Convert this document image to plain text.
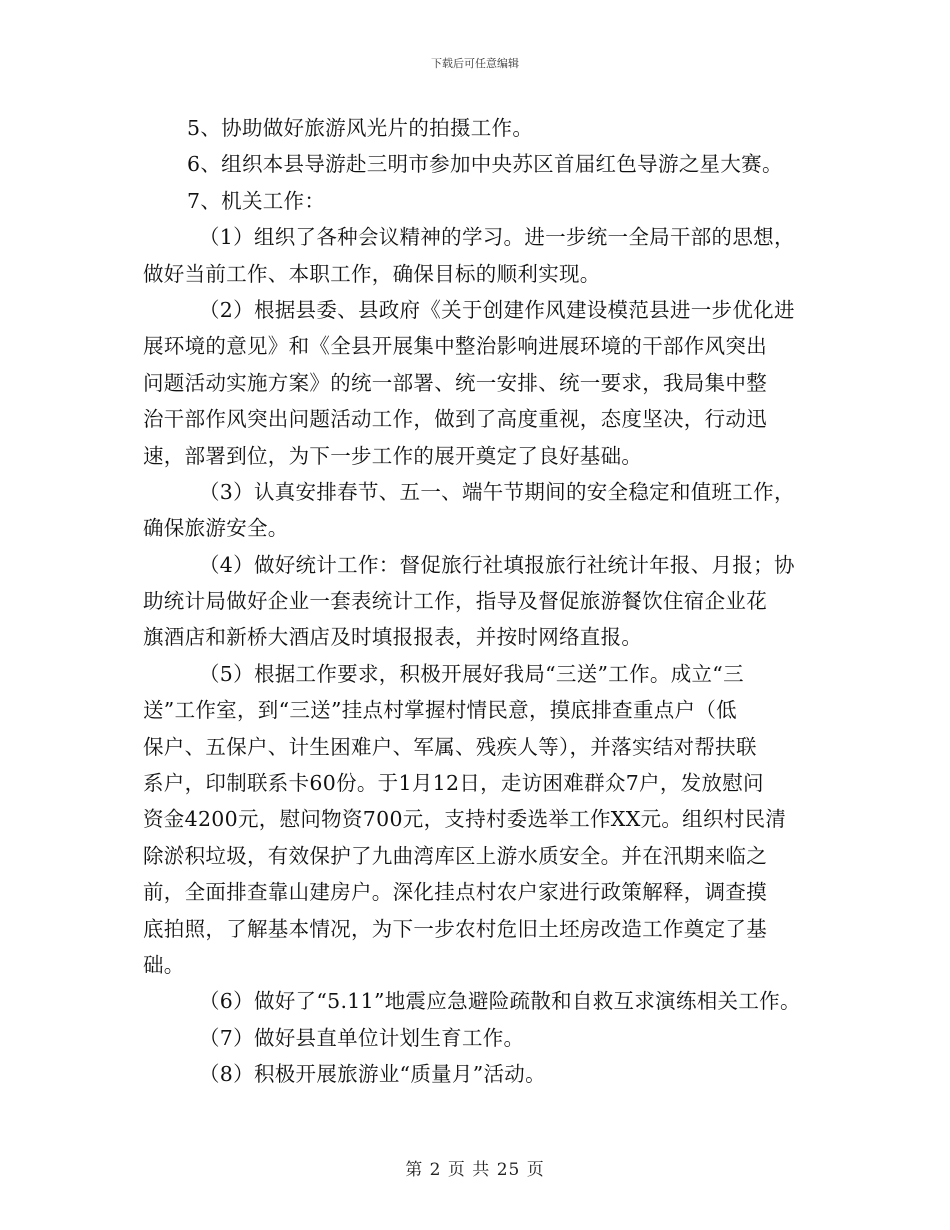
下载后可任意编辑
5、协助做好旅游风光片的拍摄工作。
6、组织本县导游赴三明市参加中央苏区首届红色导游之星大赛。
7、机关工作：
（1）组织了各种会议精神的学习。进一步统一全局干部的思想，
做好当前工作、本职工作，确保目标的顺利实现。
（2）根据县委、县政府《关于创建作风建设模范县进一步优化进
展环境的意见》和《全县开展集中整治影响进展环境的干部作风突出
问题活动实施方案》的统一部署、统一安排、统一要求，我局集中整
治干部作风突出问题活动工作，做到了高度重视，态度坚决，行动迅
速，部署到位，为下一步工作的展开奠定了良好基础。
（3）认真安排春节、五一、端午节期间的安全稳定和值班工作，
确保旅游安全。
（4）做好统计工作：督促旅行社填报旅行社统计年报、月报；协
助统计局做好企业一套表统计工作，指导及督促旅游餐饮住宿企业花
旗酒店和新桥大酒店及时填报报表，并按时网络直报。
（5）根据工作要求，积极开展好我局“三送”工作。成立“三
送”工作室，到“三送”挂点村掌握村情民意，摸底排查重点户（低
保户、五保户、计生困难户、军属、残疾人等），并落实结对帮扶联
系户，印制联系卡60份。于1月12日，走访困难群众7户，发放慰问
资金4200元，慰问物资700元，支持村委选举工作XX元。组织村民清
除淤积垃圾，有效保护了九曲湾库区上游水质安全。并在汛期来临之
前，全面排查靠山建房户。深化挂点村农户家进行政策解释，调查摸
底拍照，了解基本情况，为下一步农村危旧土坯房改造工作奠定了基
础。
（6）做好了“5.11”地震应急避险疏散和自救互求演练相关工作。
（7）做好县直单位计划生育工作。
（8）积极开展旅游业“质量月”活动。
第 2 页 共 25 页
